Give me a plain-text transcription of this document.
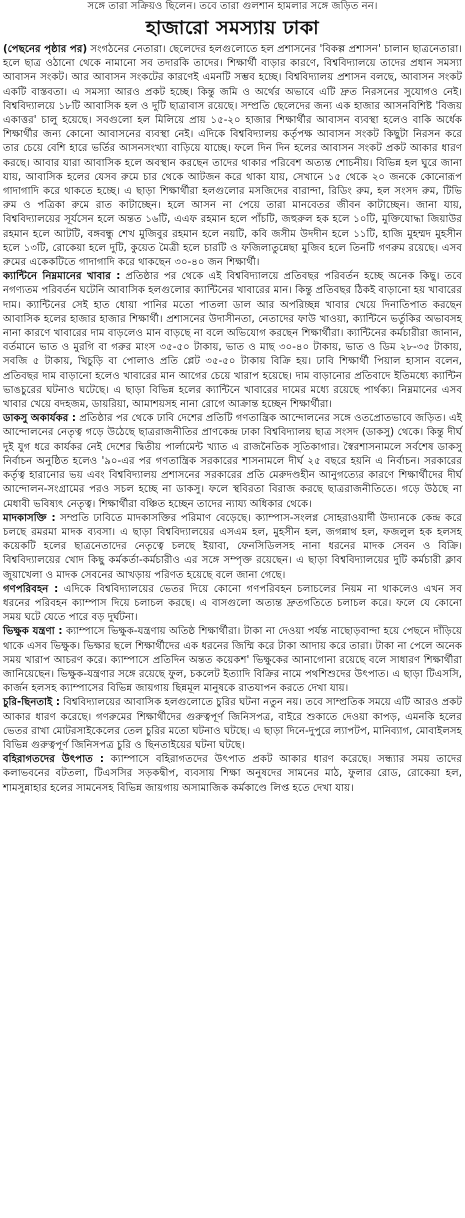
সঙ্গে তারা সক্রিয়ও ছিলেন। তবে তারা গুলশান হামলার সঙ্গে জড়িত নন।
হাজারো সমস্যায় ঢাকা

(পেছনের পৃষ্ঠার পর) সংগঠনের নেতারা। ছেলেদের হলগুলোতে হল প্রশাসনের 'বিকল্প প্রশাসন' চালান ছাত্রনেতারা। হলে ছাত্র ওঠানো থেকে নামানো সব তদারকি তাদের। শিক্ষার্থী বাড়ার কারণে, বিশ্ববিদ্যালয়ে তাদের প্রধান সমস্যা আবাসন সংকট। আর আবাসন সংকটের কারণেই এমনটি সম্ভব হচ্ছে। বিশ্ববিদ্যালয় প্রশাসন বলছে, আবাসন সংকট একটি বাস্তবতা। এ সমস্যা আরও প্রকট হচ্ছে। কিন্তু জমি ও অর্থের অভাবে এটি দ্রুত নিরসনের সুযোগও নেই। বিশ্ববিদ্যালয়ে ১৮টি আবাসিক হল ও দুটি ছাত্রাবাস রয়েছে। সম্প্রতি ছেলেদের জন্য এক হাজার আসনবিশিষ্ট 'বিজয় একাত্তর' চালু হয়েছে। সবগুলো হল মিলিয়ে প্রায় ১৫-২০ হাজার শিক্ষার্থীর আবাসন ব্যবস্থা হলেও বাকি অর্ধেক শিক্ষার্থীর জন্য কোনো আবাসনের ব্যবস্থা নেই। এদিকে বিশ্ববিদ্যালয় কর্তৃপক্ষ আবাসন সংকট কিছুটা নিরসন করে তার চেয়ে বেশি হারে ভর্তির আসনসংখ্যা বাড়িয়ে যাচ্ছে। ফলে দিন দিন হলের আবাসন সংকট প্রকট আকার ধারণ করছে। আবার যারা আবাসিক হলে অবস্থান করছেন তাদের থাকার পরিবেশ অত্যন্ত শোচনীয়। বিভিন্ন হল ঘুরে জানা যায়, আবাসিক হলের যেসব রুমে চার থেকে আটজন করে থাকা যায়, সেখানে ১৫ থেকে ২০ জনকে কোনোরূপ গাদাগাদি করে থাকতে হচ্ছে। এ ছাড়া শিক্ষার্থীরা হলগুলোর মসজিদের বারান্দা, রিডিং রুম, হল সংসদ রুম, টিভি রুম ও পত্রিকা রুমে রাত কাটাচ্ছেন। হলে আসন না পেয়ে তারা মানবেতর জীবন কাটাচ্ছেন। জানা যায়, বিশ্ববিদ্যালয়ের সূর্যসেন হলে অন্তত ১৬টি, এএফ রহমান হলে পাঁচটি, জহুরুল হক হলে ১০টি, মুক্তিযোদ্ধা জিয়াউর রহমান হলে আটটি, বঙ্গবন্ধু শেখ মুজিবুর রহমান হলে নয়টি, কবি জসীম উদদীন হলে ১১টি, হাজি মুহম্মদ মুহসীন হলে ১৩টি, রোকেয়া হলে দুটি, কুয়েত মৈত্রী হলে চারটি ও ফজিলাতুন্নেছা মুজিব হলে তিনটি গণরুম রয়েছে। এসব রুমের একেকটিতে গাদাগাদি করে থাকছেন ৩০-৪০ জন শিক্ষার্থী।

ক্যান্টিনে নিম্নমানের খাবার : প্রতিষ্ঠার পর থেকে এই বিশ্ববিদ্যালয়ে প্রতিবছর পরিবর্তন হচ্ছে অনেক কিছু। তবে নগণ্যতম পরিবর্তন ঘটেনি আবাসিক হলগুলোর ক্যান্টিনের খাবারের মান। কিন্তু প্রতিবছর ঠিকই বাড়ানো হয় খাবারের দাম। ক্যান্টিনের সেই হাত ধোয়া পানির মতো পাতলা ডাল আর অপরিচ্ছন্ন খাবার খেয়ে দিনাতিপাত করছেন আবাসিক হলের হাজার হাজার শিক্ষার্থী। প্রশাসনের উদাসীনতা, নেতাদের ফাউ খাওয়া, ক্যান্টিনে ভর্তুকির অভাবসহ নানা কারণে খাবারের দাম বাড়লেও মান বাড়ছে না বলে অভিযোগ করছেন শিক্ষার্থীরা। ক্যান্টিনের কর্মচারীরা জানান, বর্তমানে ভাত ও মুরগি বা গরুর মাংস ৩৫-৫০ টাকায়, ভাত ও মাছ ৩০-৪০ টাকায়, ভাত ও ডিম ২৮-৩৫ টাকায়, সবজি ৫ টাকায়, খিচুড়ি বা পোলাও প্রতি প্লেট ৩৫-৫০ টাকায় বিক্রি হয়। ঢাবি শিক্ষার্থী পিয়াল হাসান বলেন, প্রতিবছর দাম বাড়ানো হলেও খাবারের মান আগের চেয়ে খারাপ হয়েছে। দাম বাড়ানোর প্রতিবাদে ইতিমধ্যে ক্যান্টিন ভাঙচুরের ঘটনাও ঘটেছে। এ ছাড়া বিভিন্ন হলের ক্যান্টিনে খাবারের দামের মধ্যে রয়েছে পার্থক্য। নিম্নমানের এসব খাবার খেয়ে বদহজম, ডায়রিয়া, আমাশয়সহ নানা রোগে আক্রান্ত হচ্ছেন শিক্ষার্থীরা।

ডাকসু অকার্যকর : প্রতিষ্ঠার পর থেকে ঢাবি দেশের প্রতিটি গণতান্ত্রিক আন্দোলনের সঙ্গে ওতপ্রোতভাবে জড়িত। এই আন্দোলনের নেতৃত্ব গড়ে উঠেছে ছাত্ররাজনীতির প্রাণকেন্দ্র ঢাকা বিশ্ববিদ্যালয় ছাত্র সংসদ (ডাকসু) থেকে। কিন্তু দীর্ঘ দুই যুগ ধরে কার্যকর নেই দেশের দ্বিতীয় পার্লামেন্ট খ্যাত এ রাজনৈতিক সূতিকাগার। স্বৈরশাসনামলে সর্বশেষ ডাকসু নির্বাচন অনুষ্ঠিত হলেও '৯০-এর পর গণতান্ত্রিক সরকারের শাসনামলে দীর্ঘ ২৫ বছরে হয়নি এ নির্বাচন। সরকারের কর্তৃত্ব হারানোর ভয় এবং বিশ্ববিদ্যালয় প্রশাসনের সরকারের প্রতি মেরুদণ্ডহীন আনুগত্যের কারণে শিক্ষার্থীদের দীর্ঘ আন্দোলন-সংগ্রামের পরও সচল হচ্ছে না ডাকসু। ফলে স্থবিরতা বিরাজ করছে ছাত্ররাজনীতিতে। গড়ে উঠছে না মেধাবী ভবিষ্যৎ নেতৃত্ব। শিক্ষার্থীরা বঞ্চিত হচ্ছেন তাদের ন্যায্য অধিকার থেকে।

মাদকাসক্তি : সম্প্রতি ঢাবিতে মাদকাসক্তির পরিমাণ বেড়েছে। ক্যাম্পাস-সংলগ্ন সোহরাওয়ার্দী উদ্যানকে কেন্দ্র করে চলছে রমরমা মাদক ব্যবসা। এ ছাড়া বিশ্ববিদ্যালয়ের এসএম হল, মুহসীন হল, জগন্নাথ হল, ফজলুল হক হলসহ কয়েকটি হলের ছাত্রনেতাদের নেতৃত্বে চলছে ইয়াবা, ফেনসিডিলসহ নানা ধরনের মাদক সেবন ও বিক্রি। বিশ্ববিদ্যালয়ের খোদ কিছু কর্মকর্তা-কর্মচারীও এর সঙ্গে সম্পৃক্ত রয়েছেন। এ ছাড়া বিশ্ববিদ্যালয়ের দুটি কর্মচারী ক্লাব জুয়াখেলা ও মাদক সেবনের আখড়ায় পরিণত হয়েছে বলে জানা গেছে।

গণপরিবহন : এদিকে বিশ্ববিদ্যালয়ের ভেতর দিয়ে কোনো গণপরিবহন চলাচলের নিয়ম না থাকলেও এখন সব ধরনের পরিবহন ক্যাম্পাস দিয়ে চলাচল করছে। এ বাসগুলো অত্যন্ত দ্রুতগতিতে চলাচল করে। ফলে যে কোনো সময় ঘটে যেতে পারে বড় দুর্ঘটনা।

ভিক্ষুক যন্ত্রণা : ক্যাম্পাসে ভিক্ষুক-যন্ত্রণায় অতিষ্ঠ শিক্ষার্থীরা। টাকা না দেওয়া পর্যন্ত নাছোড়বান্দা হয়ে পেছনে দাঁড়িয়ে থাকে এসব ভিক্ষুক। ভিক্ষার ছলে শিক্ষার্থীদের এক ধরনের জিম্মি করে টাকা আদায় করে তারা। টাকা না পেলে অনেক সময় খারাপ আচরণ করে। ক্যাম্পাসে প্রতিদিন অন্তত কয়েকশ' ভিক্ষুকের আনাগোনা রয়েছে বলে সাধারণ শিক্ষার্থীরা জানিয়েছেন। ভিক্ষুক-যন্ত্রণার সঙ্গে রয়েছে ফুল, চকলেট ইত্যাদি বিক্রির নামে পথশিশুদের উৎপাত। এ ছাড়া টিএসসি, কার্জন হলসহ ক্যাম্পাসের বিভিন্ন জায়গায় ছিন্নমূল মানুষকে রাতযাপন করতে দেখা যায়।

চুরি-ছিনতাই : বিশ্ববিদ্যালয়ের আবাসিক হলগুলোতে চুরির ঘটনা নতুন নয়। তবে সাম্প্রতিক সময়ে এটি আরও প্রকট আকার ধারণ করেছে। গণরুমের শিক্ষার্থীদের গুরুত্বপূর্ণ জিনিসপত্র, বাইরে শুকাতে দেওয়া কাপড়, এমনকি হলের ভেতর রাখা মোটরসাইকেলের তেল চুরির মতো ঘটনাও ঘটছে। এ ছাড়া দিনে-দুপুরে ল্যাপটপ, মানিব্যাগ, মোবাইলসহ বিভিন্ন গুরুত্বপূর্ণ জিনিসপত্র চুরি ও ছিনতাইয়ের ঘটনা ঘটছে।

বহিরাগতদের উৎপাত : ক্যাম্পাসে বহিরাগতদের উৎপাত প্রকট আকার ধারণ করেছে। সন্ধ্যার সময় তাদের কলাভবনের বটতলা, টিএসসির সড়কদ্বীপ, ব্যবসায় শিক্ষা অনুষদের সামনের মাঠ, ফুলার রোড, রোকেয়া হল, শামসুন্নাহার হলের সামনেসহ বিভিন্ন জায়গায় অসামাজিক কর্মকাণ্ডে লিপ্ত হতে দেখা যায়।
